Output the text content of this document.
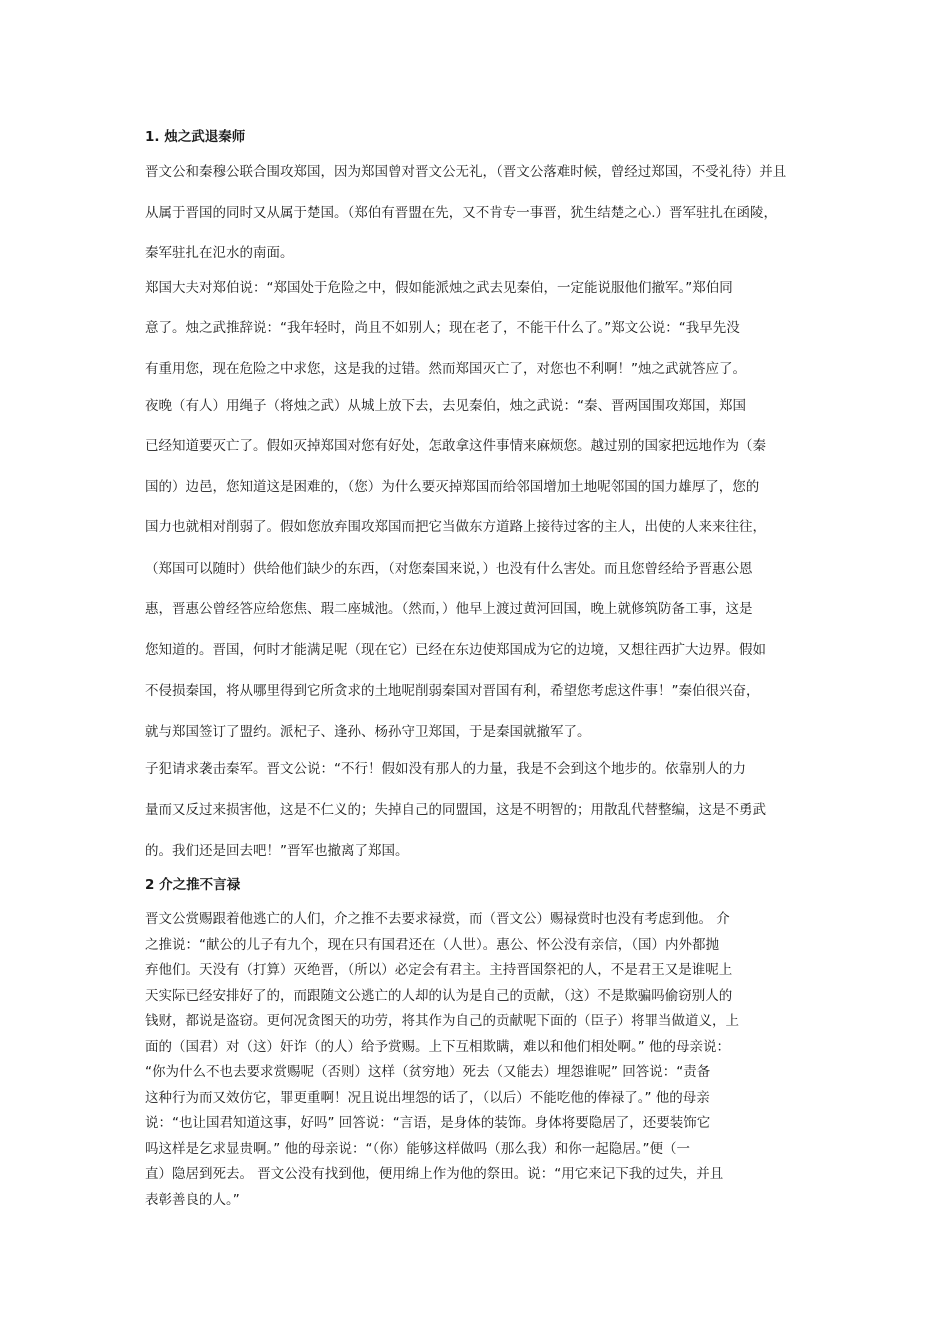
1. 烛之武退秦师
晋文公和秦穆公联合围攻郑国，因为郑国曾对晋文公无礼，（晋文公落难时候，曾经过郑国，不受礼待）并且
从属于晋国的同时又从属于楚国。（郑伯有晋盟在先，又不肯专一事晋，犹生结楚之心.）晋军驻扎在函陵，
秦军驻扎在氾水的南面。
郑国大夫对郑伯说：“郑国处于危险之中，假如能派烛之武去见秦伯，一定能说服他们撤军。”郑伯同
意了。烛之武推辞说：“我年轻时，尚且不如别人；现在老了，不能干什么了。”郑文公说：“我早先没
有重用您，现在危险之中求您，这是我的过错。然而郑国灭亡了，对您也不利啊！”烛之武就答应了。
夜晚（有人）用绳子（将烛之武）从城上放下去，去见秦伯，烛之武说：“秦、晋两国围攻郑国，郑国
已经知道要灭亡了。假如灭掉郑国对您有好处，怎敢拿这件事情来麻烦您。越过别的国家把远地作为（秦
国的）边邑，您知道这是困难的，（您）为什么要灭掉郑国而给邻国增加土地呢邻国的国力雄厚了，您的
国力也就相对削弱了。假如您放弃围攻郑国而把它当做东方道路上接待过客的主人，出使的人来来往往，
（郑国可以随时）供给他们缺少的东西，（对您秦国来说，）也没有什么害处。而且您曾经给予晋惠公恩
惠，晋惠公曾经答应给您焦、瑕二座城池。（然而，）他早上渡过黄河回国，晚上就修筑防备工事，这是
您知道的。晋国，何时才能满足呢（现在它）已经在东边使郑国成为它的边境，又想往西扩大边界。假如
不侵损秦国，将从哪里得到它所贪求的土地呢削弱秦国对晋国有利，希望您考虑这件事！”秦伯很兴奋，
就与郑国签订了盟约。派杞子、逢孙、杨孙守卫郑国，于是秦国就撤军了。
子犯请求袭击秦军。晋文公说：“不行！假如没有那人的力量，我是不会到这个地步的。依靠别人的力
量而又反过来损害他，这是不仁义的；失掉自己的同盟国，这是不明智的；用散乱代替整编，这是不勇武
的。我们还是回去吧！”晋军也撤离了郑国。
2 介之推不言禄
晋文公赏赐跟着他逃亡的人们，介之推不去要求禄赏，而（晋文公）赐禄赏时也没有考虑到他。 介
之推说：“献公的儿子有九个，现在只有国君还在（人世）。惠公、怀公没有亲信，（国）内外都抛
弃他们。天没有（打算）灭绝晋，（所以）必定会有君主。主持晋国祭祀的人，不是君王又是谁呢上
天实际已经安排好了的，而跟随文公逃亡的人却的认为是自己的贡献，（这）不是欺骗吗偷窃别人的
钱财，都说是盗窃。更何况贪图天的功劳，将其作为自己的贡献呢下面的（臣子）将罪当做道义，上
面的（国君）对（这）奸诈（的人）给予赏赐。上下互相欺瞒，难以和他们相处啊。” 他的母亲说：
“你为什么不也去要求赏赐呢（否则）这样（贫穷地）死去（又能去）埋怨谁呢” 回答说：“责备
这种行为而又效仿它，罪更重啊！况且说出埋怨的话了，（以后）不能吃他的俸禄了。” 他的母亲
说：“也让国君知道这事，好吗” 回答说：“言语，是身体的装饰。身体将要隐居了，还要装饰它
吗这样是乞求显贵啊。” 他的母亲说：“（你）能够这样做吗（那么我）和你一起隐居。”便（一
直）隐居到死去。 晋文公没有找到他，便用绵上作为他的祭田。说：“用它来记下我的过失，并且
表彰善良的人。”
